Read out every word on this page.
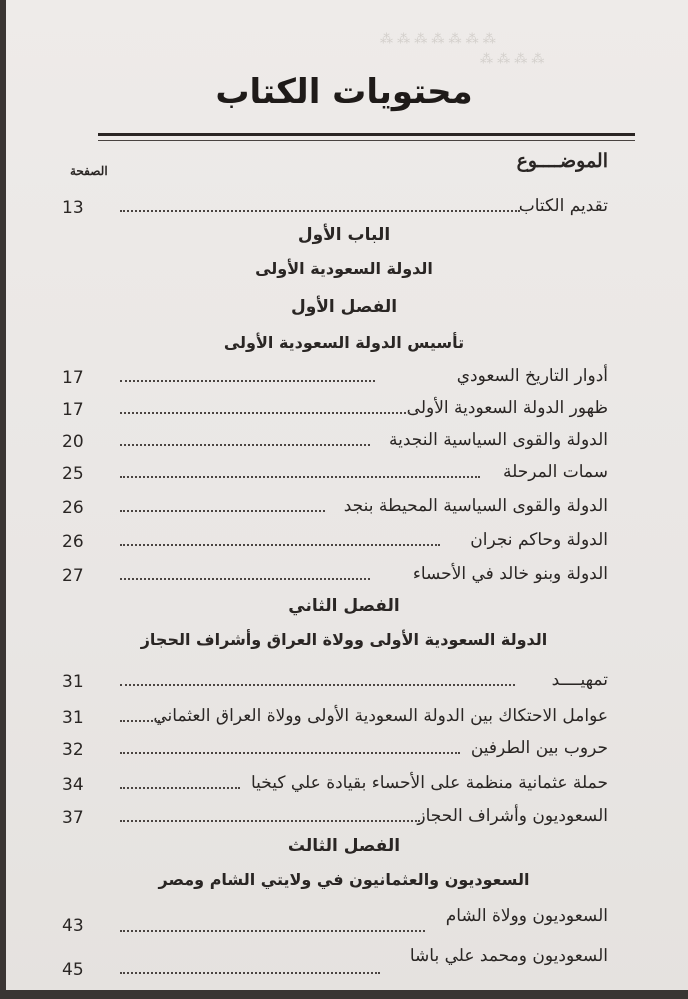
⁂ ⁂ ⁂ ⁂ ⁂ ⁂ ⁂
⁂ ⁂ ⁂ ⁂
محتويات الكتاب
الموضــــوع
الصفحة
تقديم الكتاب
13
الباب الأول
الدولة السعودية الأولى
الفصل الأول
تأسيس الدولة السعودية الأولى
أدوار التاريخ السعودي
17
ظهور الدولة السعودية الأولى
17
الدولة والقوى السياسية النجدية
20
سمات المرحلة
25
الدولة والقوى السياسية المحيطة بنجد
26
الدولة وحاكم نجران
26
الدولة وبنو خالد في الأحساء
27
الفصل الثاني
الدولة السعودية الأولى وولاة العراق وأشراف الحجاز
تمهيــــد
31
عوامل الاحتكاك بين الدولة السعودية الأولى وولاة العراق العثماني
31
حروب بين الطرفين
32
حملة عثمانية منظمة على الأحساء بقيادة علي كيخيا
34
السعوديون وأشراف الحجاز
37
الفصل الثالث
السعوديون والعثمانيون في ولايتي الشام ومصر
السعوديون وولاة الشام
43
السعوديون ومحمد علي باشا
45
